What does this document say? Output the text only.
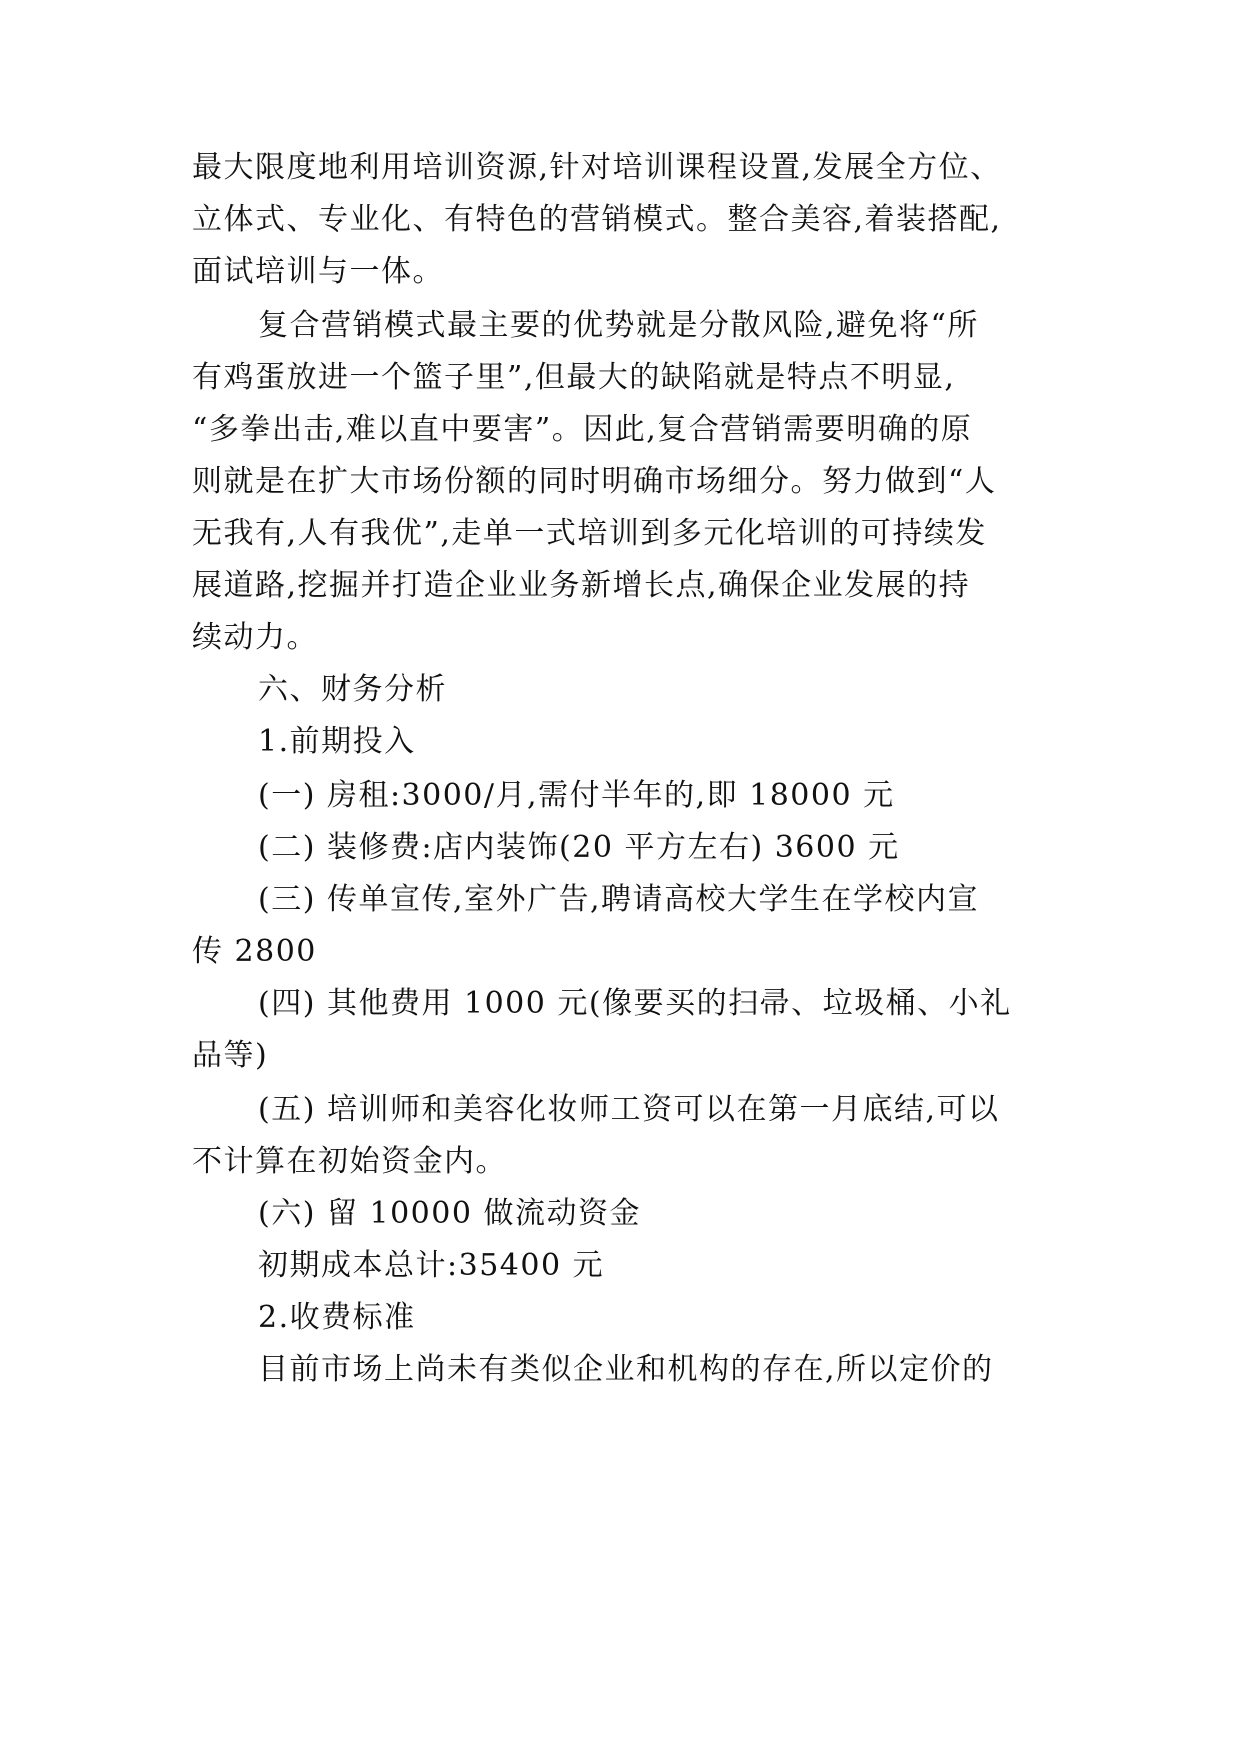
最大限度地利用培训资源,针对培训课程设置,发展全方位、
立体式、专业化、有特色的营销模式。整合美容,着装搭配,
面试培训与一体。
复合营销模式最主要的优势就是分散风险,避免将“所
有鸡蛋放进一个篮子里”,但最大的缺陷就是特点不明显,
“多拳出击,难以直中要害”。因此,复合营销需要明确的原
则就是在扩大市场份额的同时明确市场细分。努力做到“人
无我有,人有我优”,走单一式培训到多元化培训的可持续发
展道路,挖掘并打造企业业务新增长点,确保企业发展的持
续动力。
六、财务分析
1.前期投入
(一) 房租:3000/月,需付半年的,即 18000 元
(二) 装修费:店内装饰(20 平方左右) 3600 元
(三) 传单宣传,室外广告,聘请高校大学生在学校内宣
传 2800
(四) 其他费用 1000 元(像要买的扫帚、垃圾桶、小礼
品等)
(五) 培训师和美容化妆师工资可以在第一月底结,可以
不计算在初始资金内。
(六) 留 10000 做流动资金
初期成本总计:35400 元
2.收费标准
目前市场上尚未有类似企业和机构的存在,所以定价的
